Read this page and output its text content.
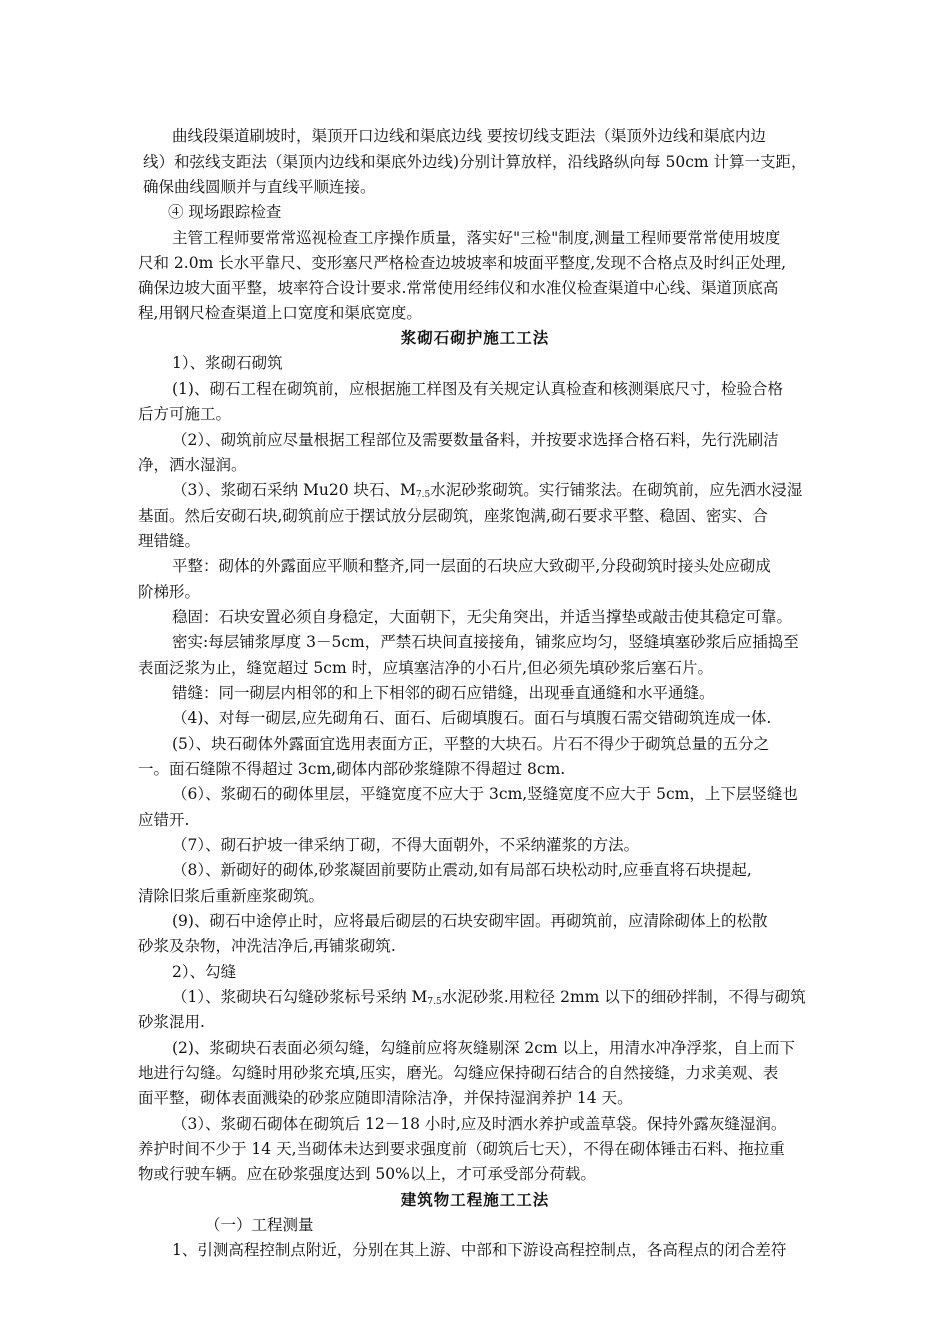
曲线段渠道刷坡时，渠顶开口边线和渠底边线 要按切线支距法（渠顶外边线和渠底内边
线）和弦线支距法（渠顶内边线和渠底外边线)分别计算放样，沿线路纵向每 50cm 计算一支距，
确保曲线圆顺并与直线平顺连接。
④ 现场跟踪检查
主管工程师要常常巡视检查工序操作质量，落实好"三检"制度,测量工程师要常常使用坡度
尺和 2.0m 长水平靠尺、变形塞尺严格检查边坡坡率和坡面平整度,发现不合格点及时纠正处理,
确保边坡大面平整，坡率符合设计要求.常常使用经纬仪和水准仪检查渠道中心线、渠道顶底高
程,用钢尺检查渠道上口宽度和渠底宽度。
浆砌石砌护施工工法
1）、浆砌石砌筑
(1)、砌石工程在砌筑前，应根据施工样图及有关规定认真检查和核测渠底尺寸，检验合格
后方可施工。
（2）、砌筑前应尽量根据工程部位及需要数量备料，并按要求选择合格石料，先行洗刷洁
净，洒水湿润。
（3）、浆砌石采纳 Mu20 块石、$M_{7.5}$水泥砂浆砌筑。实行铺浆法。在砌筑前，应先洒水浸湿
基面。然后安砌石块,砌筑前应于摆试放分层砌筑，座浆饱满,砌石要求平整、稳固、密实、合
理错缝。
平整：砌体的外露面应平顺和整齐,同一层面的石块应大致砌平,分段砌筑时接头处应砌成
阶梯形。
稳固：石块安置必须自身稳定，大面朝下，无尖角突出，并适当撑垫或敲击使其稳定可靠。
密实:每层铺浆厚度 3－5cm，严禁石块间直接接角，铺浆应均匀，竖缝填塞砂浆后应插捣至
表面泛浆为止，缝宽超过 5cm 时，应填塞洁净的小石片,但必须先填砂浆后塞石片。
错缝：同一砌层内相邻的和上下相邻的砌石应错缝，出现垂直通缝和水平通缝。
（4)、对每一砌层,应先砌角石、面石、后砌填腹石。面石与填腹石需交错砌筑连成一体.
(5）、块石砌体外露面宜选用表面方正，平整的大块石。片石不得少于砌筑总量的五分之
一。面石缝隙不得超过 3cm,砌体内部砂浆缝隙不得超过 8cm.
（6）、浆砌石的砌体里层，平缝宽度不应大于 3cm,竖缝宽度不应大于 5cm，上下层竖缝也
应错开.
（7）、砌石护坡一律采纳丁砌，不得大面朝外，不采纳灌浆的方法。
（8）、新砌好的砌体,砂浆凝固前要防止震动,如有局部石块松动时,应垂直将石块提起,
清除旧浆后重新座浆砌筑。
(9)、砌石中途停止时，应将最后砌层的石块安砌牢固。再砌筑前，应清除砌体上的松散
砂浆及杂物，冲洗洁净后,再铺浆砌筑.
2）、勾缝
（1）、浆砌块石勾缝砂浆标号采纳 $M_{7.5}$水泥砂浆.用粒径 2mm 以下的细砂拌制，不得与砌筑
砂浆混用.
(2)、浆砌块石表面必须勾缝，勾缝前应将灰缝剔深 2cm 以上，用清水冲净浮浆，自上而下
地进行勾缝。勾缝时用砂浆充填,压实，磨光。勾缝应保持砌石结合的自然接缝，力求美观、表
面平整，砌体表面溅染的砂浆应随即清除洁净，并保持湿润养护 14 天。
（3）、浆砌石砌体在砌筑后 12－18 小时,应及时洒水养护或盖草袋。保持外露灰缝湿润。
养护时间不少于 14 天,当砌体未达到要求强度前（砌筑后七天），不得在砌体锤击石料、拖拉重
物或行驶车辆。应在砂浆强度达到 50%以上，才可承受部分荷载。
建筑物工程施工工法
（一）工程测量
1、引测高程控制点附近，分别在其上游、中部和下游设高程控制点，各高程点的闭合差符
